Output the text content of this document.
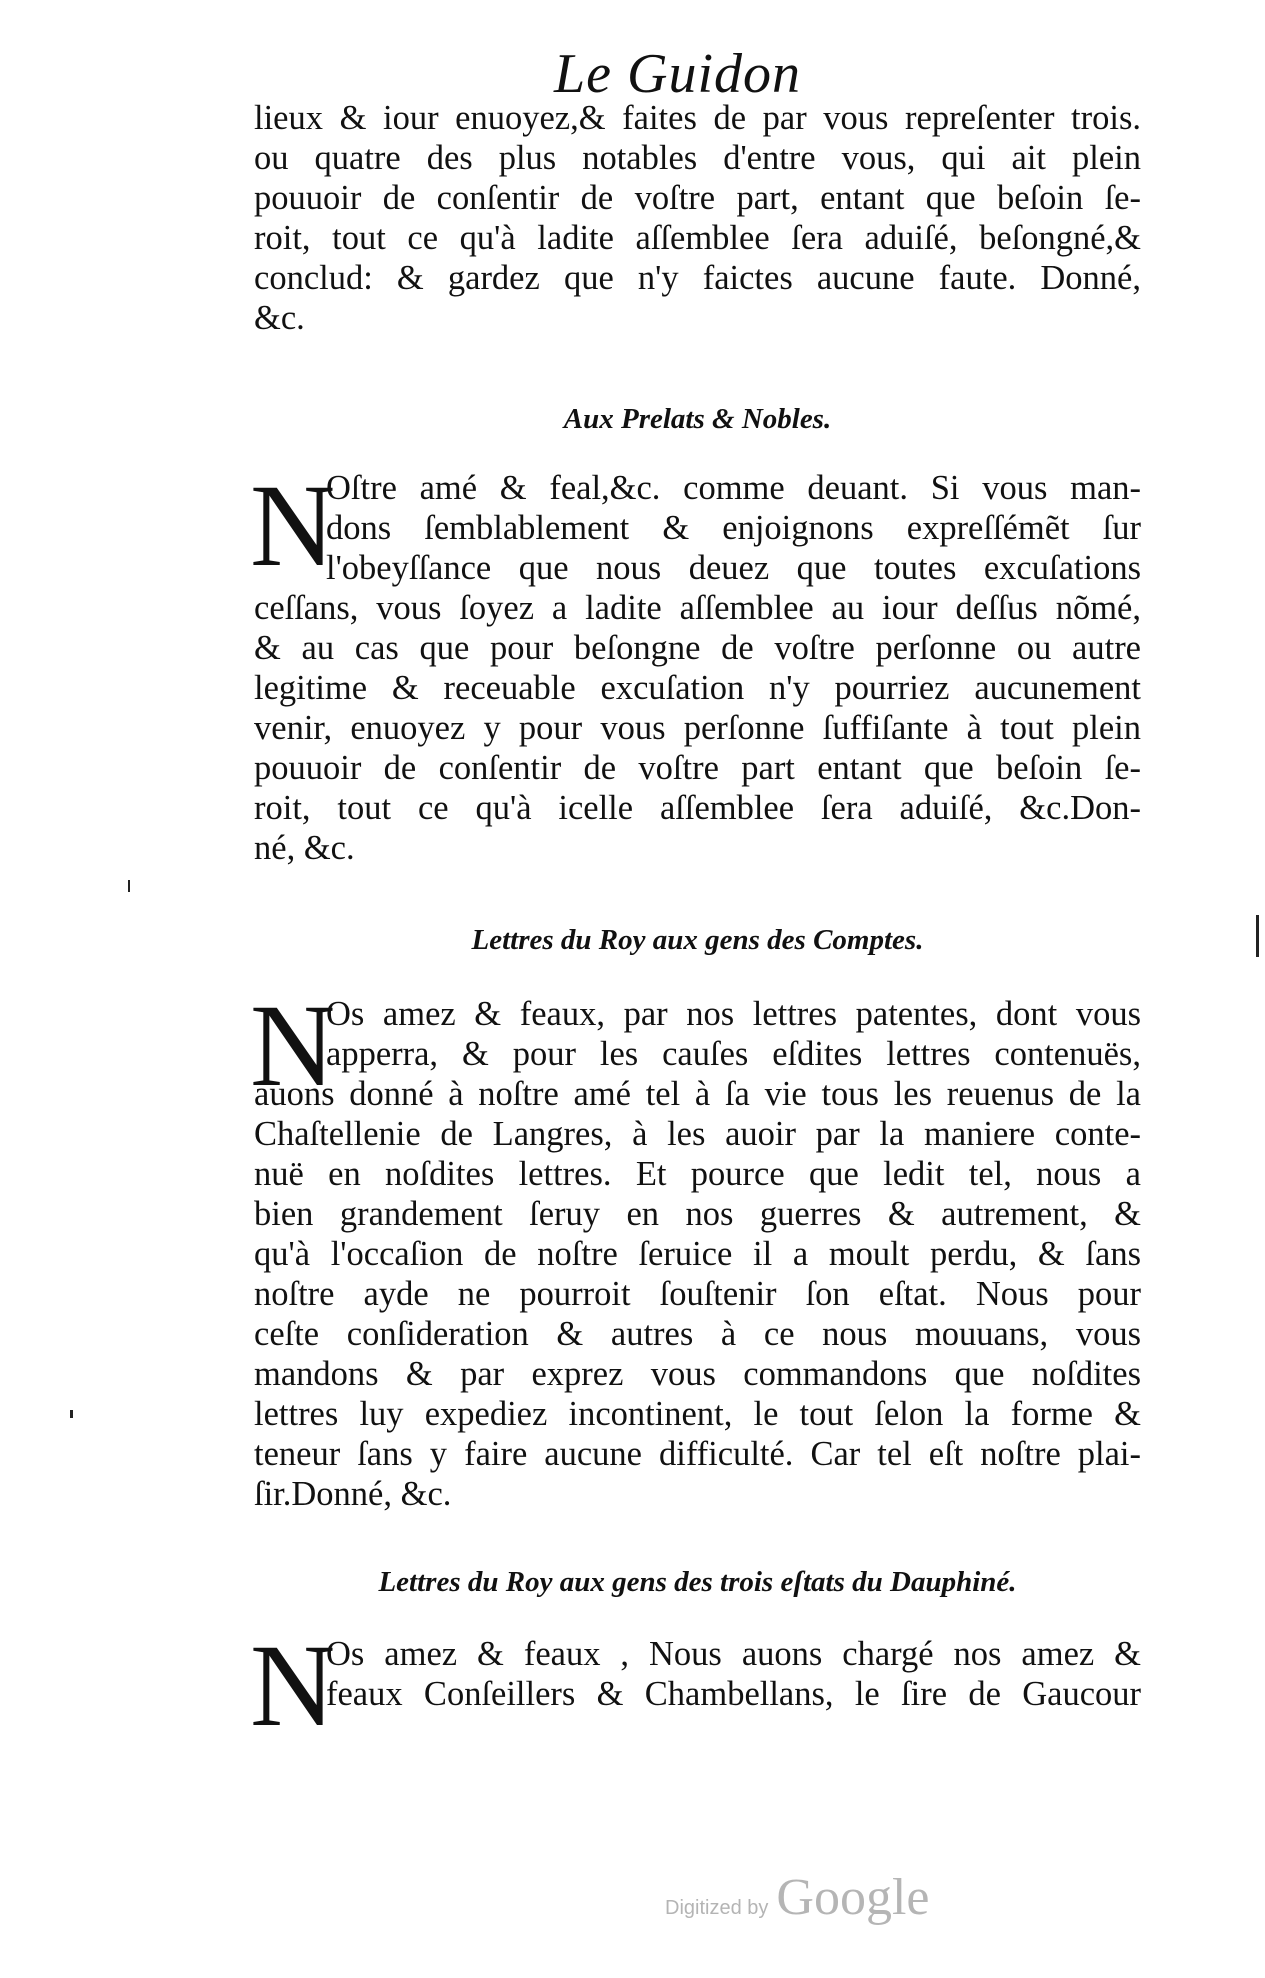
Le Guidon
lieux & iour enuoyez,& faites de par vous repreſenter trois.
ou quatre des plus notables d'entre vous, qui ait plein
pouuoir de conſentir de voſtre part, entant que beſoin ſe-
roit, tout ce qu'à ladite aſſemblee ſera aduiſé, beſongné,&
conclud: & gardez que n'y faictes aucune faute. Donné,
&c.
Aux Prelats & Nobles.
N
Oſtre amé & feal,&c. comme deuant. Si vous man-
dons ſemblablement & enjoignons expreſſémẽt ſur
l'obeyſſance que nous deuez que toutes excuſations
ceſſans, vous ſoyez a ladite aſſemblee au iour deſſus nõmé,
& au cas que pour beſongne de voſtre perſonne ou autre
legitime & receuable excuſation n'y pourriez aucunement
venir, enuoyez y pour vous perſonne ſuffiſante à tout plein
pouuoir de conſentir de voſtre part entant que beſoin ſe-
roit, tout ce qu'à icelle aſſemblee ſera aduiſé, &c.Don-
né, &c.
Lettres du Roy aux gens des Comptes.
N
Os amez & feaux, par nos lettres patentes, dont vous
apperra, & pour les cauſes eſdites lettres contenuës,
auons donné à noſtre amé tel à ſa vie tous les reuenus de la
Chaſtellenie de Langres, à les auoir par la maniere conte-
nuë en noſdites lettres. Et pource que ledit tel, nous a
bien grandement ſeruy en nos guerres & autrement, &
qu'à l'occaſion de noſtre ſeruice il a moult perdu, & ſans
noſtre ayde ne pourroit ſouſtenir ſon eſtat. Nous pour
ceſte conſideration & autres à ce nous mouuans, vous
mandons & par exprez vous commandons que noſdites
lettres luy expediez incontinent, le tout ſelon la forme &
teneur ſans y faire aucune difficulté. Car tel eſt noſtre plai-
ſir.Donné, &c.
Lettres du Roy aux gens des trois eſtats du Dauphiné.
N
Os amez & feaux , Nous auons chargé nos amez &
feaux Conſeillers & Chambellans, le ſire de Gaucour
Digitized by Google
